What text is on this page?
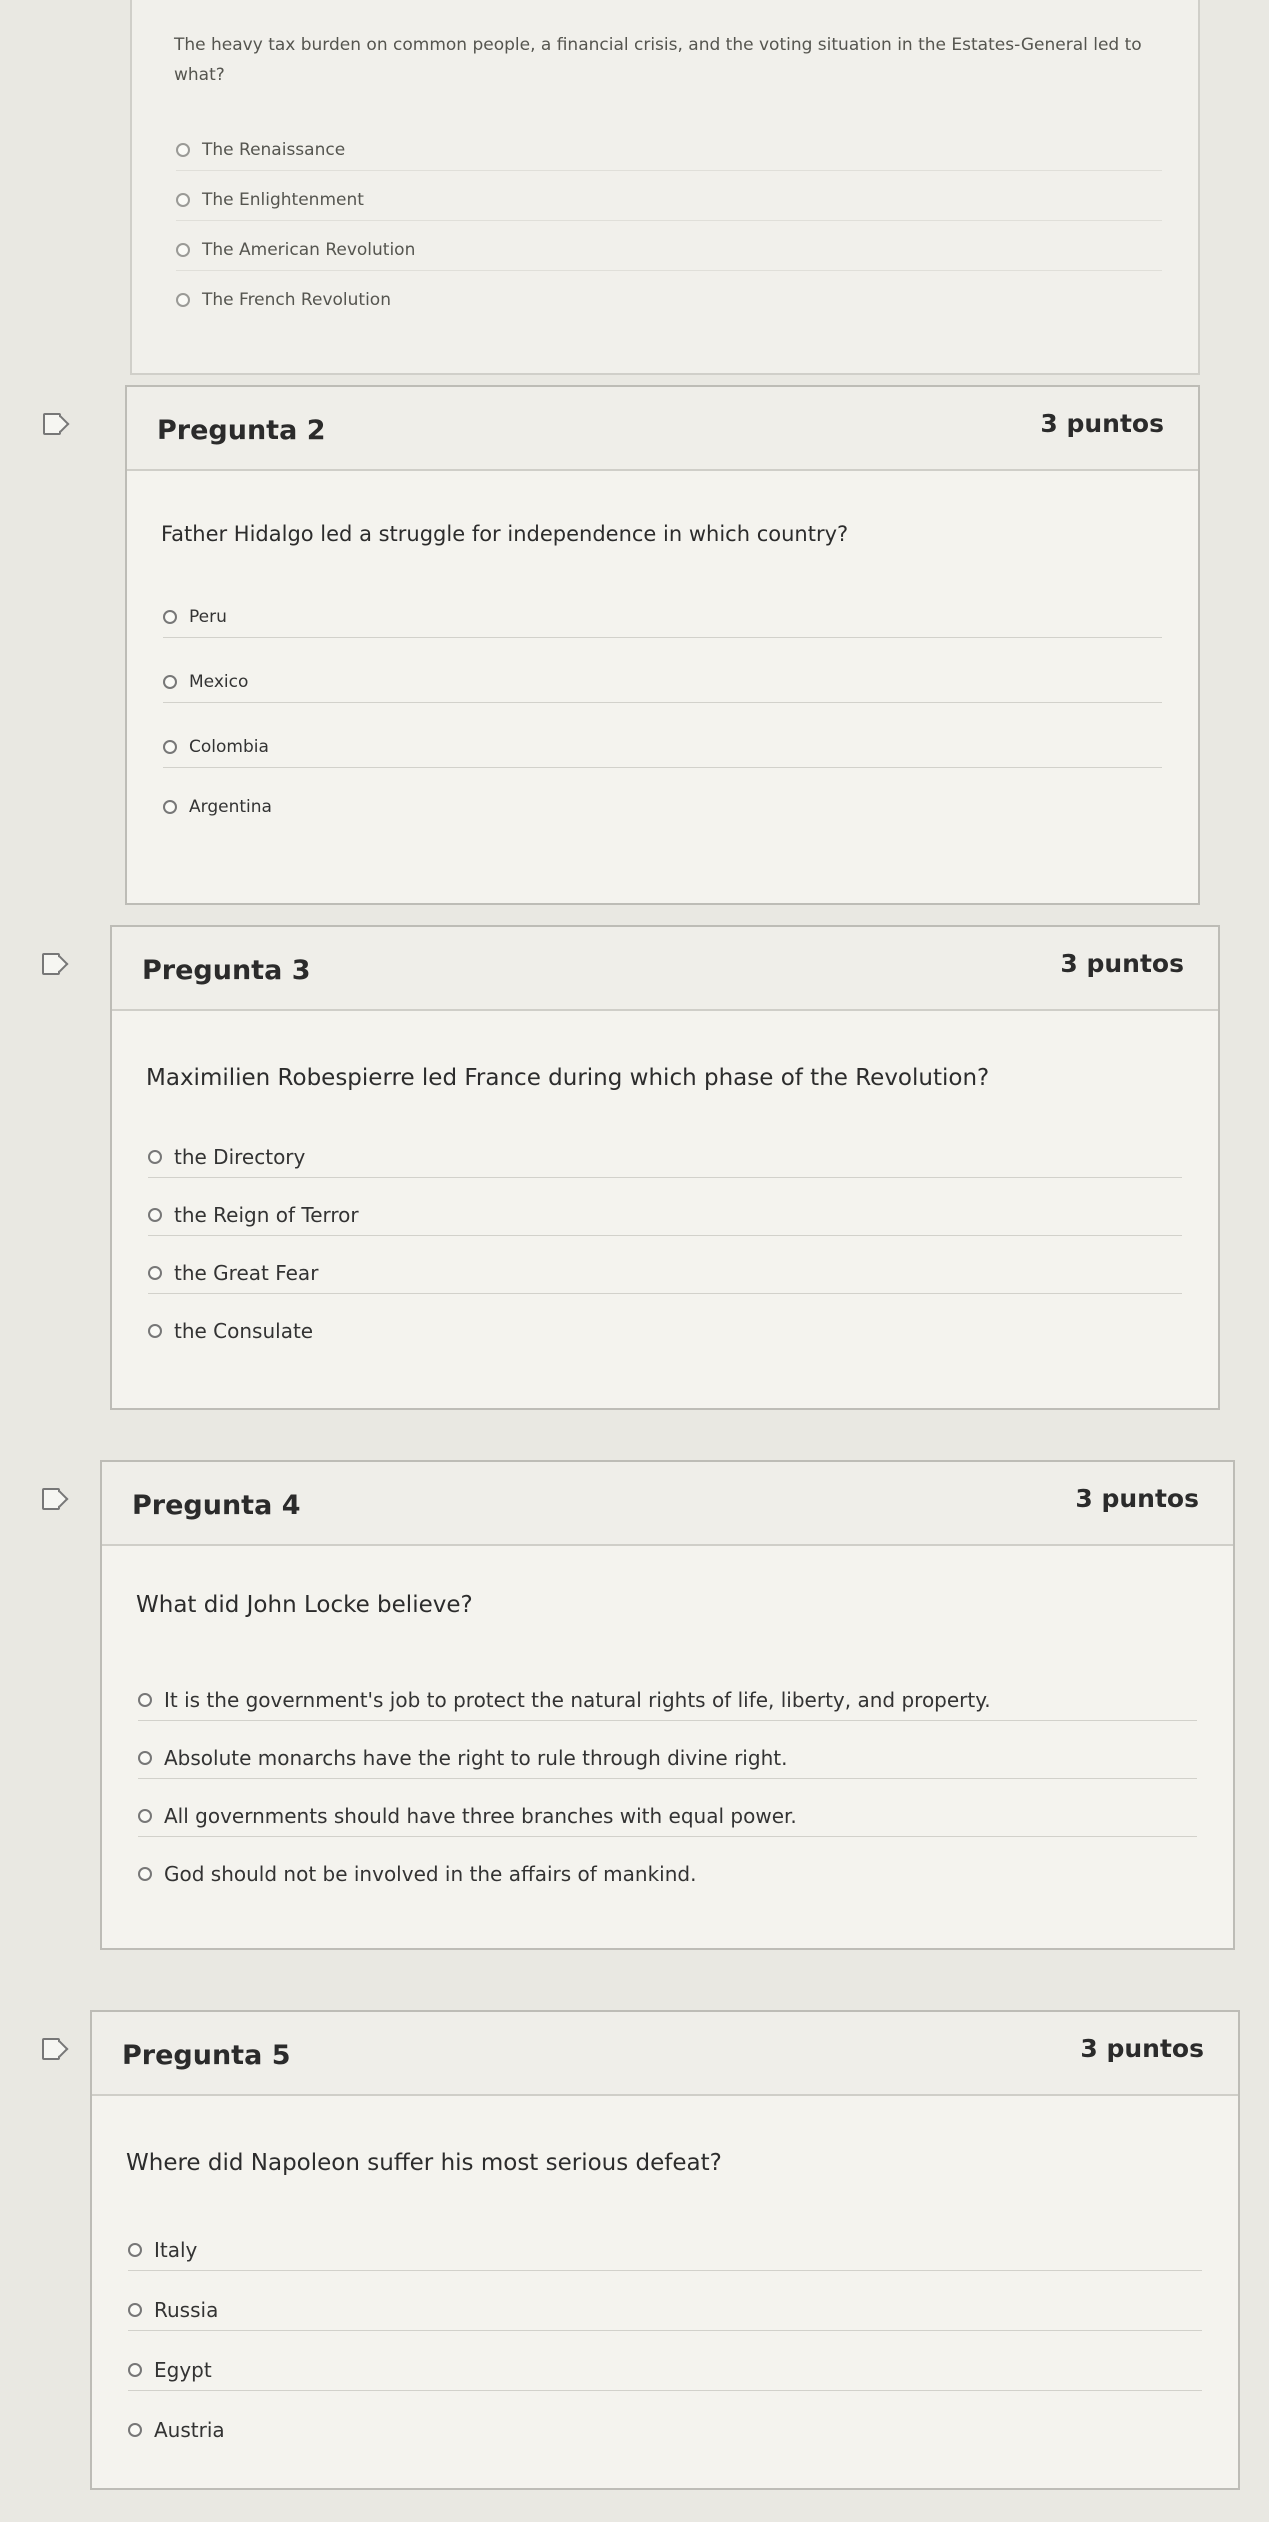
The heavy tax burden on common people, a financial crisis, and the voting situation in the Estates-General led to what?
The Renaissance
The Enlightenment
The American Revolution
The French Revolution
Pregunta 2	3 puntos
Father Hidalgo led a struggle for independence in which country?
Peru
Mexico
Colombia
Argentina
Pregunta 3	3 puntos
Maximilien Robespierre led France during which phase of the Revolution?
the Directory
the Reign of Terror
the Great Fear
the Consulate
Pregunta 4	3 puntos
What did John Locke believe?
It is the government's job to protect the natural rights of life, liberty, and property.
Absolute monarchs have the right to rule through divine right.
All governments should have three branches with equal power.
God should not be involved in the affairs of mankind.
Pregunta 5	3 puntos
Where did Napoleon suffer his most serious defeat?
Italy
Russia
Egypt
Austria
